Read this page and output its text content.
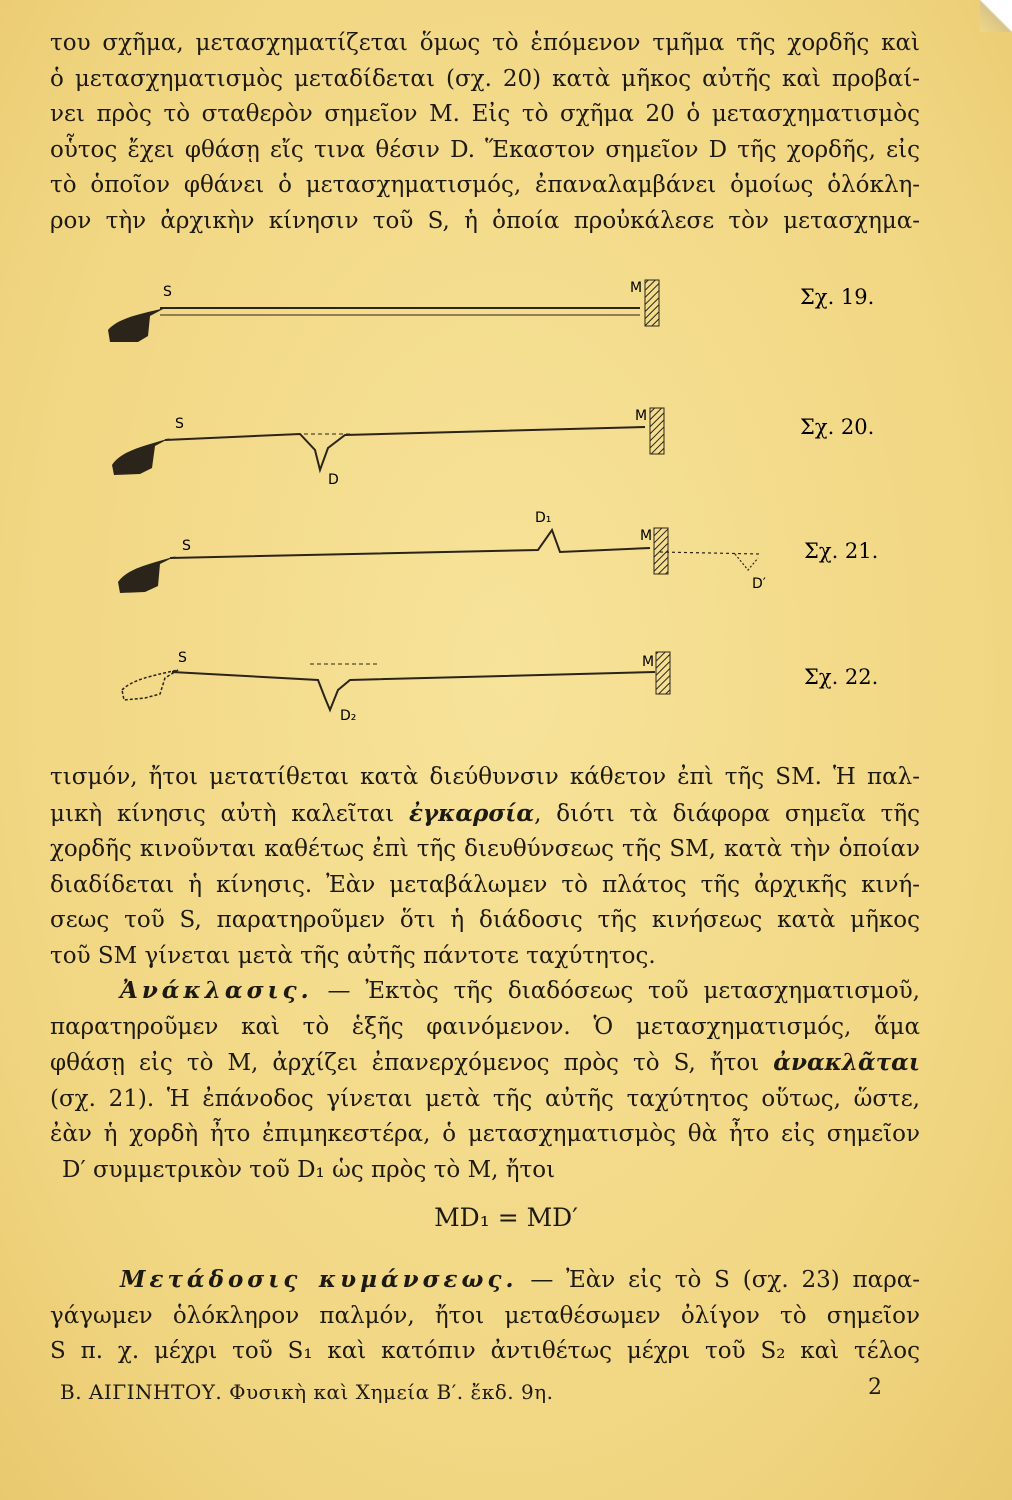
του σχῆμα, μετασχηματίζεται ὅμως τὸ ἑπόμενον τμῆμα τῆς χορδῆς καὶ
ὁ μετασχηματισμὸς μεταδίδεται (σχ. 20) κατὰ μῆκος αὐτῆς καὶ προβαί-
νει πρὸς τὸ σταθερὸν σημεῖον Μ. Εἰς τὸ σχῆμα 20 ὁ μετασχηματισμὸς
οὗτος ἔχει φθάσῃ εἴς τινα θέσιν D. Ἕκαστον σημεῖον D τῆς χορδῆς, εἰς
τὸ ὁποῖον φθάνει ὁ μετασχηματισμός, ἐπαναλαμβάνει ὁμοίως ὁλόκλη-
ρον τὴν ἀρχικὴν κίνησιν τοῦ S, ἡ ὁποία προὐκάλεσε τὸν μετασχημα-
S	M	Σχ. 19.
S	M
D
Σχ. 20.
S
M
D₁
D′
Σχ. 21.
S	M
D₂
Σχ. 22.
τισμόν, ἤτοι μετατίθεται κατὰ διεύθυνσιν κάθετον ἐπὶ τῆς SM. Ἡ παλ-
μικὴ κίνησις αὐτὴ καλεῖται ἐγκαρσία, διότι τὰ διάφορα σημεῖα τῆς
χορδῆς κινοῦνται καθέτως ἐπὶ τῆς διευθύνσεως τῆς SM, κατὰ τὴν ὁποίαν
διαδίδεται ἡ κίνησις. Ἐὰν μεταβάλωμεν τὸ πλάτος τῆς ἀρχικῆς κινή-
σεως τοῦ S, παρατηροῦμεν ὅτι ἡ διάδοσις τῆς κινήσεως κατὰ μῆκος
τοῦ SM γίνεται μετὰ τῆς αὐτῆς πάντοτε ταχύτητος.
Ἀνάκλασις. — Ἐκτὸς τῆς διαδόσεως τοῦ μετασχηματισμοῦ,
παρατηροῦμεν καὶ τὸ ἑξῆς φαινόμενον. Ὁ μετασχηματισμός, ἅμα
φθάσῃ εἰς τὸ Μ, ἀρχίζει ἐπανερχόμενος πρὸς τὸ S, ἤτοι ἀνακλᾶται
(σχ. 21). Ἡ ἐπάνοδος γίνεται μετὰ τῆς αὐτῆς ταχύτητος οὕτως, ὥστε,
ἐὰν ἡ χορδὴ ἦτο ἐπιμηκεστέρα, ὁ μετασχηματισμὸς θὰ ἦτο εἰς σημεῖον
D′ συμμετρικὸν τοῦ D₁ ὡς πρὸς τὸ Μ, ἤτοι
MD₁ = MD′
Μετάδοσις κυμάνσεως. — Ἐὰν εἰς τὸ S (σχ. 23) παρα-
γάγωμεν ὁλόκληρον παλμόν, ἤτοι μεταθέσωμεν ὀλίγον τὸ σημεῖον
S π. χ. μέχρι τοῦ S₁ καὶ κατόπιν ἀντιθέτως μέχρι τοῦ S₂ καὶ τέλος
Β. ΑΙΓΙΝΗΤΟΥ. Φυσικὴ καὶ Χημεία Β′. ἔκδ. 9η.	2
